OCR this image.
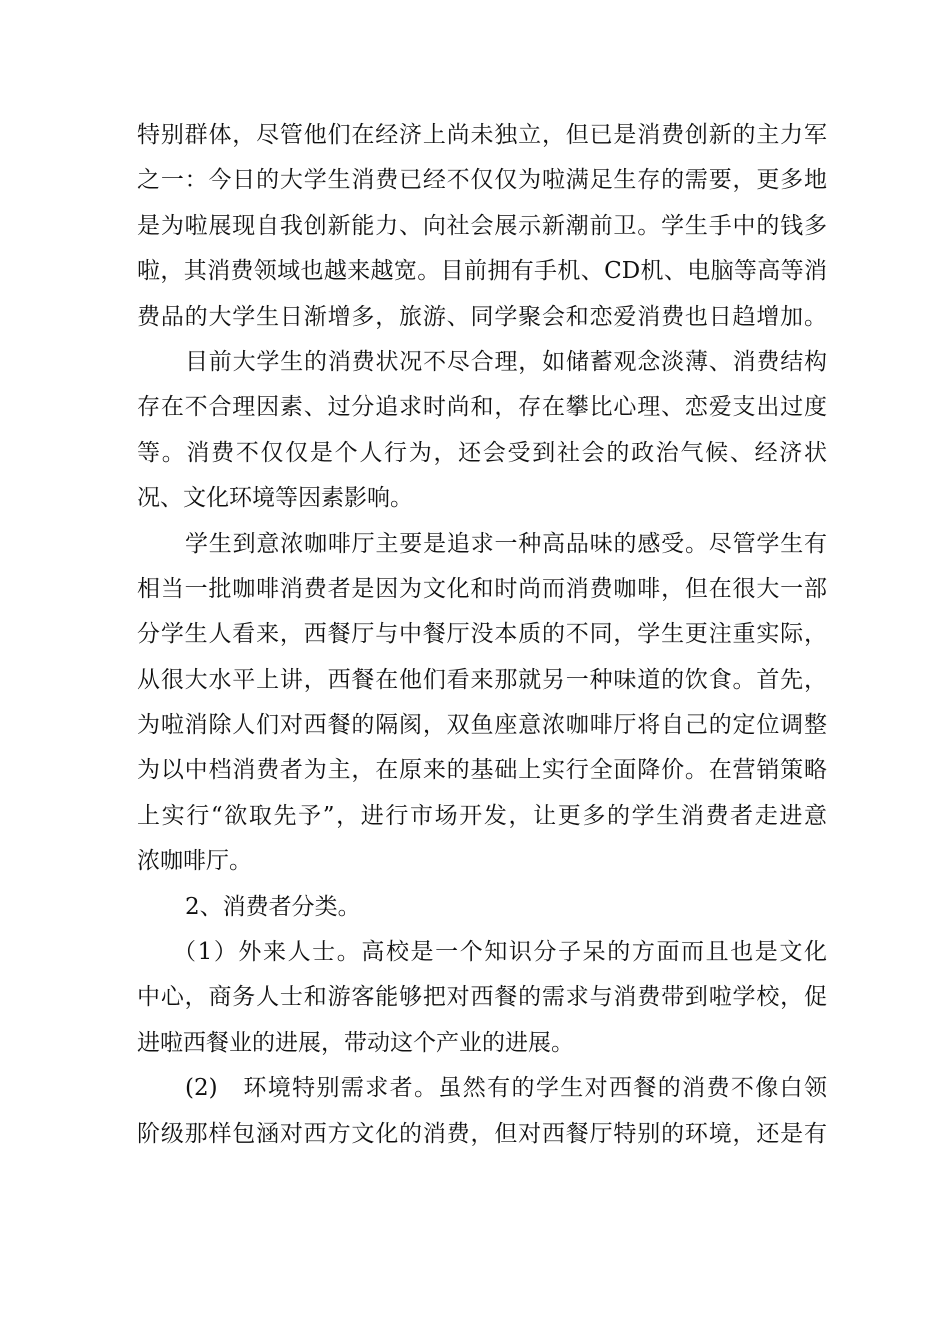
特别群体，尽管他们在经济上尚未独立，但已是消费创新的主力军
之一：今日的大学生消费已经不仅仅为啦满足生存的需要，更多地
是为啦展现自我创新能力、向社会展示新潮前卫。学生手中的钱多
啦，其消费领域也越来越宽。目前拥有手机、CD机、电脑等高等消
费品的大学生日渐增多，旅游、同学聚会和恋爱消费也日趋增加。
目前大学生的消费状况不尽合理，如储蓄观念淡薄、消费结构
存在不合理因素、过分追求时尚和，存在攀比心理、恋爱支出过度
等。消费不仅仅是个人行为，还会受到社会的政治气候、经济状
况、文化环境等因素影响。
学生到意浓咖啡厅主要是追求一种高品味的感受。尽管学生有
相当一批咖啡消费者是因为文化和时尚而消费咖啡，但在很大一部
分学生人看来，西餐厅与中餐厅没本质的不同，学生更注重实际，
从很大水平上讲，西餐在他们看来那就另一种味道的饮食。首先，
为啦消除人们对西餐的隔阂，双鱼座意浓咖啡厅将自己的定位调整
为以中档消费者为主，在原来的基础上实行全面降价。在营销策略
上实行“欲取先予”，进行市场开发，让更多的学生消费者走进意
浓咖啡厅。
2、消费者分类。
（1）外来人士。高校是一个知识分子呆的方面而且也是文化
中心，商务人士和游客能够把对西餐的需求与消费带到啦学校，促
进啦西餐业的进展，带动这个产业的进展。
(2)　环境特别需求者。虽然有的学生对西餐的消费不像白领
阶级那样包涵对西方文化的消费，但对西餐厅特别的环境，还是有
